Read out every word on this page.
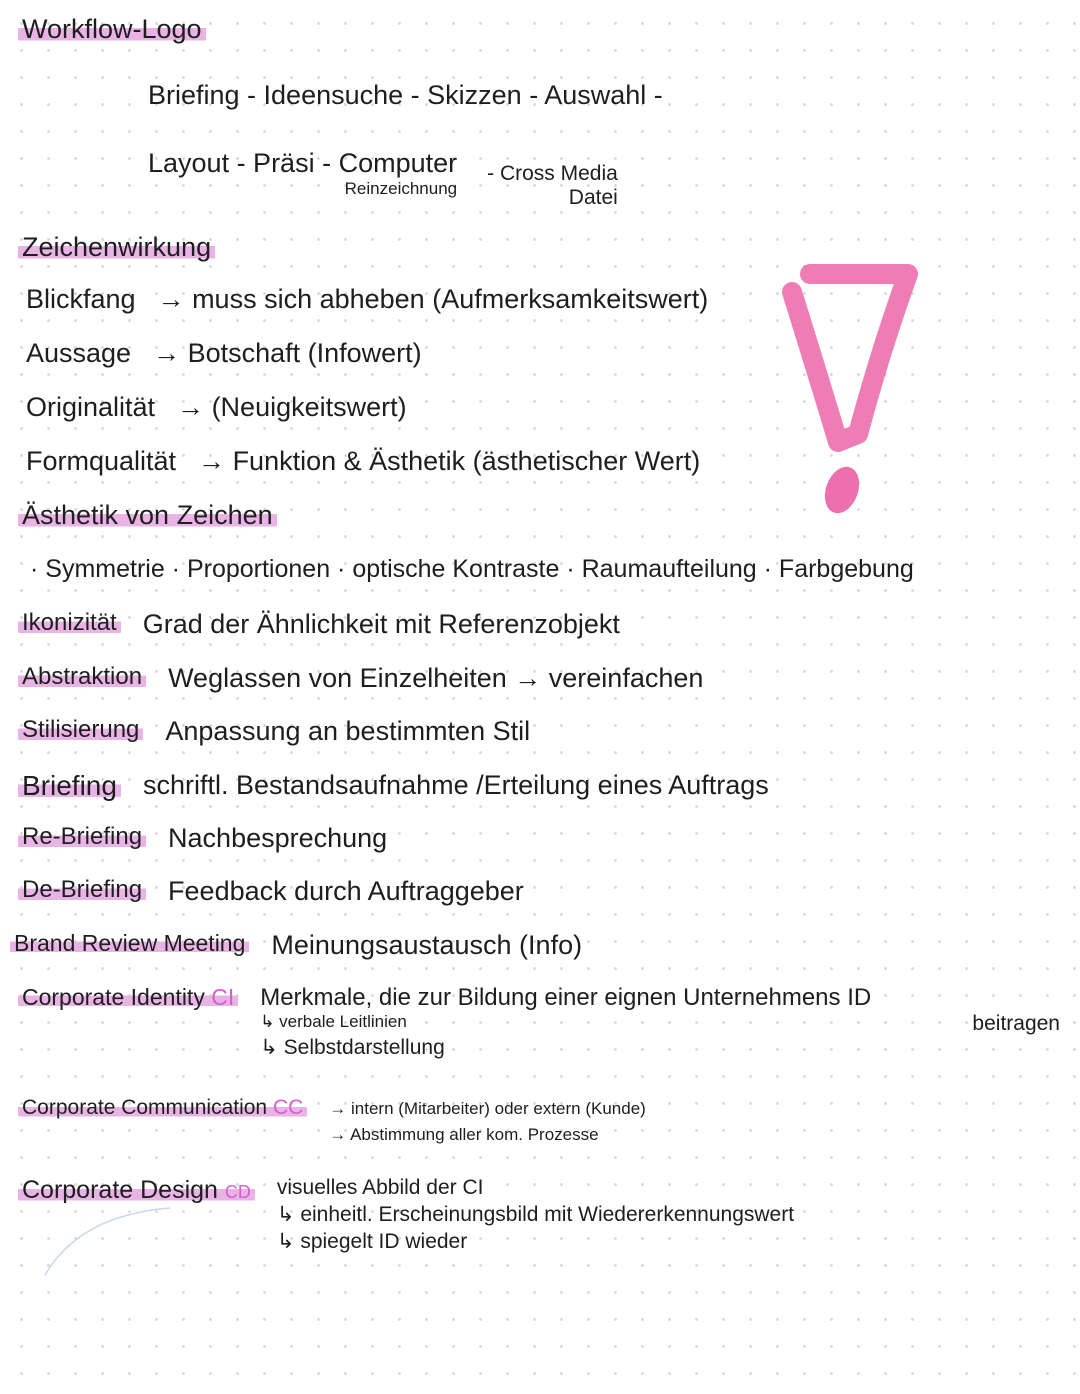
Workflow-Logo
Briefing - Ideensuche - Skizzen - Auswahl -
Layout - Präsi - Computer
Reinzeichnung
- Cross Media
Datei
Zeichenwirkung
Blickfang → muss sich abheben (Aufmerksamkeitswert)
Aussage → Botschaft (Infowert)
Originalität → (Neuigkeitswert)
Formqualität → Funktion & Ästhetik (ästhetischer Wert)
Ästhetik von Zeichen
· Symmetrie · Proportionen · optische Kontraste · Raumaufteilung · Farbgebung
Ikonizität Grad der Ähnlichkeit mit Referenzobjekt
Abstraktion Weglassen von Einzelheiten → vereinfachen
Stilisierung Anpassung an bestimmten Stil
Briefing schriftl. Bestandsaufnahme /Erteilung eines Auftrags
Re-Briefing Nachbesprechung
De-Briefing Feedback durch Auftraggeber
Brand Review Meeting Meinungsaustausch (Info)
Corporate Identity CI Merkmale, die zur Bildung einer eignen Unternehmens ID
↳ verbale Leitlinien	beitragen
↳ Selbstdarstellung
Corporate Communication CC → intern (Mitarbeiter) oder extern (Kunde)
→ Abstimmung aller kom. Prozesse
Corporate Design CD visuelles Abbild der CI
↳ einheitl. Erscheinungsbild mit Wiedererkennungswert
↳ spiegelt ID wieder
